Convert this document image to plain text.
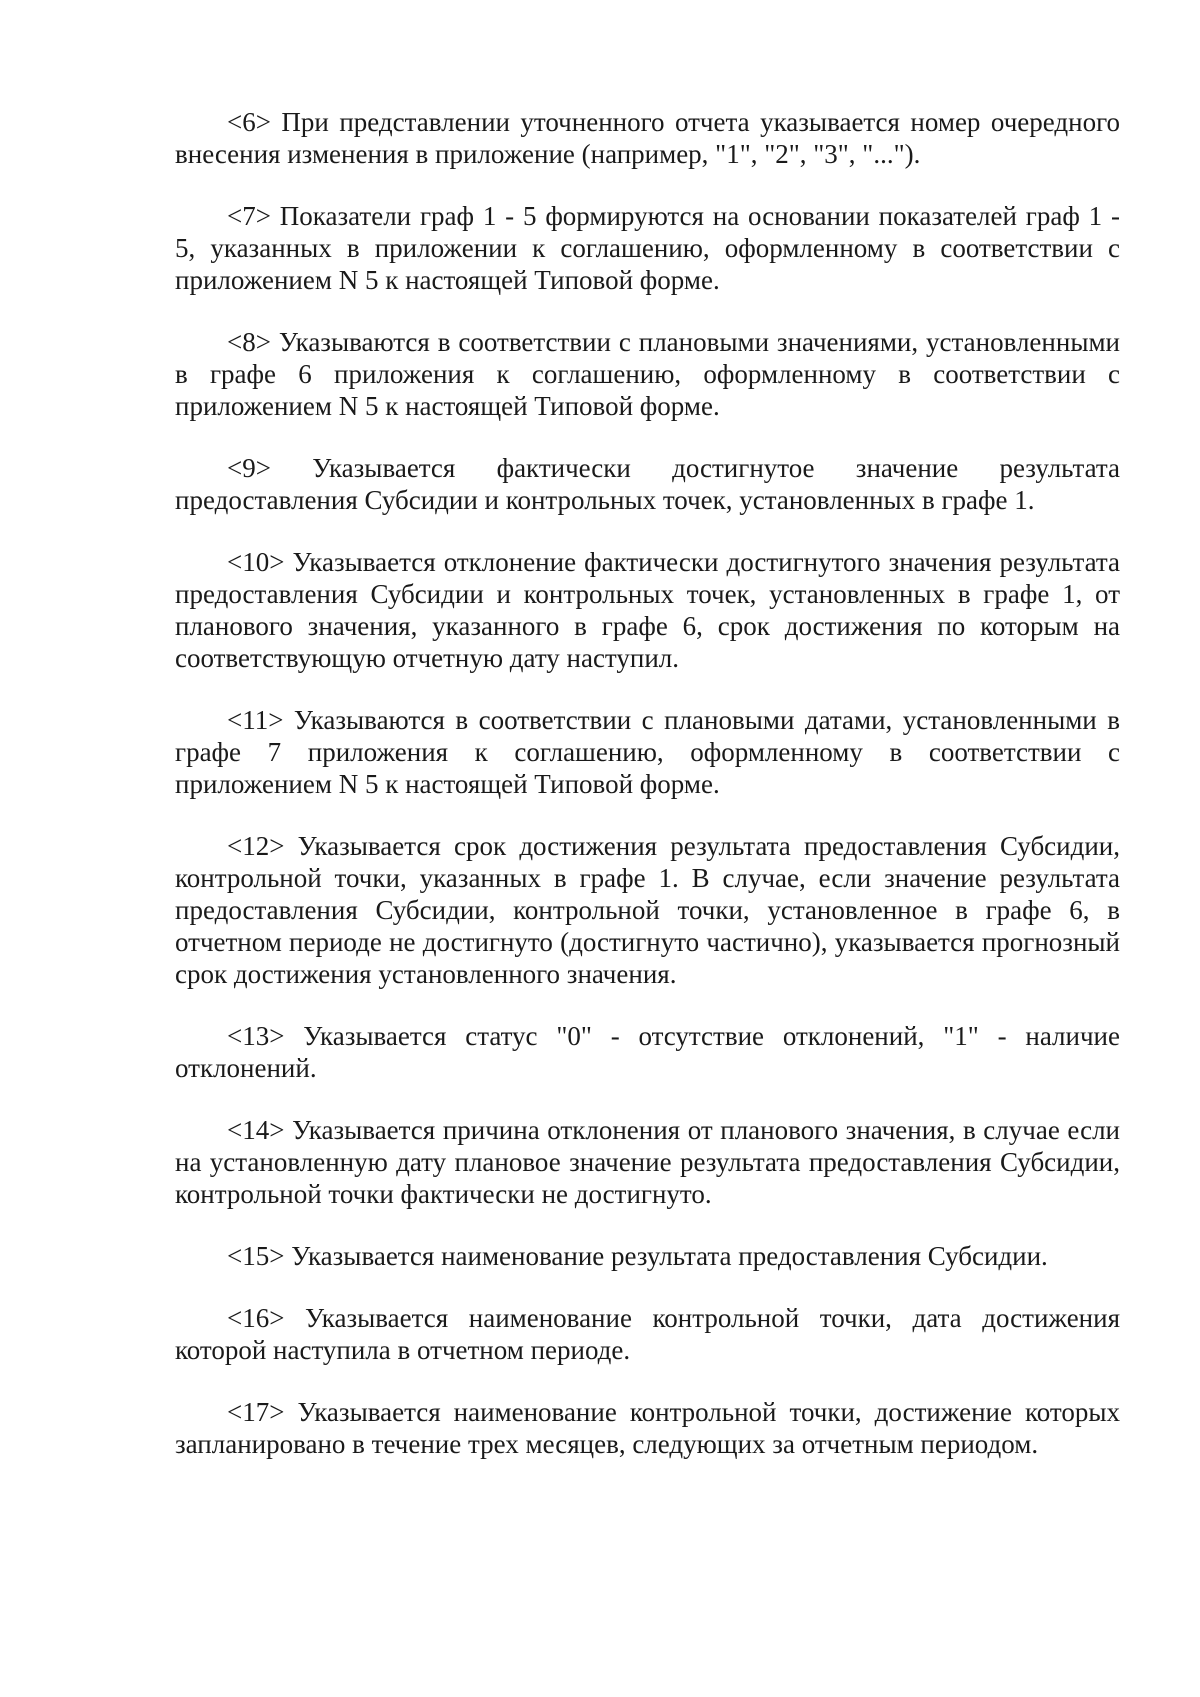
<6> При представлении уточненного отчета указывается номер очередного внесения изменения в приложение (например, "1", "2", "3", "...").

<7> Показатели граф 1 - 5 формируются на основании показателей граф 1 - 5, указанных в приложении к соглашению, оформленному в соответствии с приложением N 5 к настоящей Типовой форме.

<8> Указываются в соответствии с плановыми значениями, установленными в графе 6 приложения к соглашению, оформленному в соответствии с приложением N 5 к настоящей Типовой форме.

<9> Указывается фактически достигнутое значение результата предоставления Субсидии и контрольных точек, установленных в графе 1.

<10> Указывается отклонение фактически достигнутого значения результата предоставления Субсидии и контрольных точек, установленных в графе 1, от планового значения, указанного в графе 6, срок достижения по которым на соответствующую отчетную дату наступил.

<11> Указываются в соответствии с плановыми датами, установленными в графе 7 приложения к соглашению, оформленному в соответствии с приложением N 5 к настоящей Типовой форме.

<12> Указывается срок достижения результата предоставления Субсидии, контрольной точки, указанных в графе 1. В случае, если значение результата предоставления Субсидии, контрольной точки, установленное в графе 6, в отчетном периоде не достигнуто (достигнуто частично), указывается прогнозный срок достижения установленного значения.

<13> Указывается статус "0" - отсутствие отклонений, "1" - наличие отклонений.

<14> Указывается причина отклонения от планового значения, в случае если на установленную дату плановое значение результата предоставления Субсидии, контрольной точки фактически не достигнуто.

<15> Указывается наименование результата предоставления Субсидии.

<16> Указывается наименование контрольной точки, дата достижения которой наступила в отчетном периоде.

<17> Указывается наименование контрольной точки, достижение которых запланировано в течение трех месяцев, следующих за отчетным периодом.
